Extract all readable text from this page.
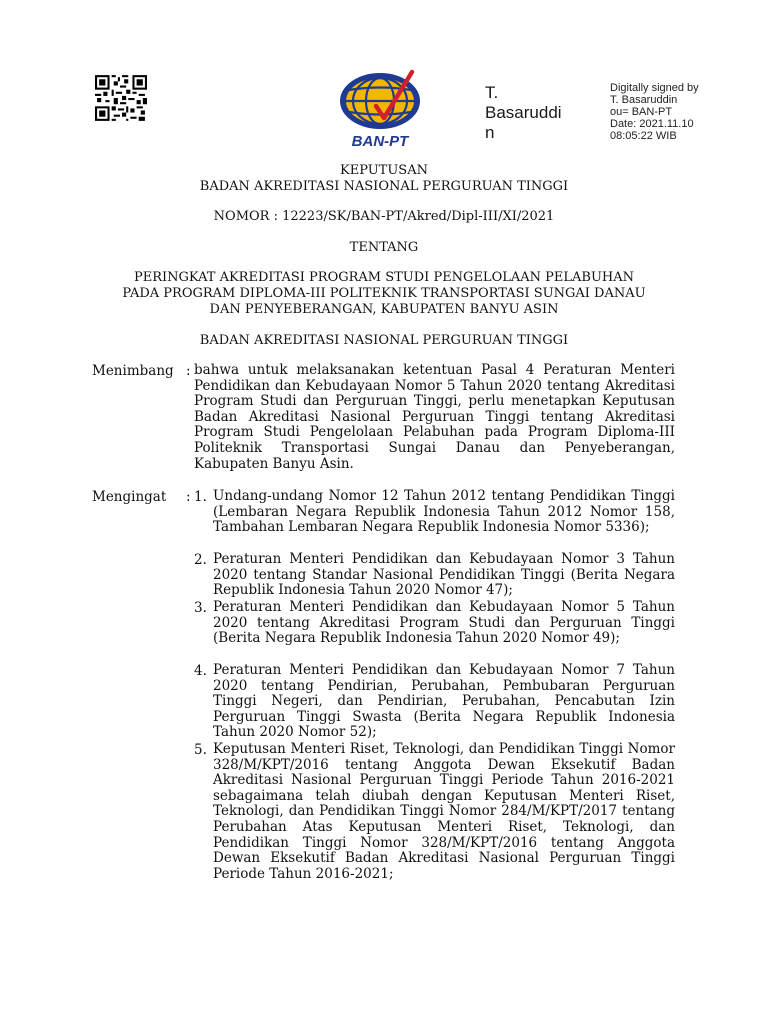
BAN-PT
T.
Basaruddi
n
Digitally signed by
T. Basaruddin
ou= BAN-PT
Date: 2021.11.10
08:05:22 WIB
KEPUTUSAN
BADAN AKREDITASI NASIONAL PERGURUAN TINGGI
NOMOR : 12223/SK/BAN-PT/Akred/Dipl-III/XI/2021
TENTANG
PERINGKAT AKREDITASI PROGRAM STUDI PENGELOLAAN PELABUHAN
PADA PROGRAM DIPLOMA-III POLITEKNIK TRANSPORTASI SUNGAI DANAU
DAN PENYEBERANGAN, KABUPATEN BANYU ASIN
BADAN AKREDITASI NASIONAL PERGURUAN TINGGI
Menimbang : bahwa untuk melaksanakan ketentuan Pasal 4 Peraturan Menteri Pendidikan dan Kebudayaan Nomor 5 Tahun 2020 tentang Akreditasi Program Studi dan Perguruan Tinggi, perlu menetapkan Keputusan Badan Akreditasi Nasional Perguruan Tinggi tentang Akreditasi Program Studi Pengelolaan Pelabuhan pada Program Diploma-III Politeknik Transportasi Sungai Danau dan Penyeberangan, Kabupaten Banyu Asin.
Mengingat : 1. Undang-undang Nomor 12 Tahun 2012 tentang Pendidikan Tinggi (Lembaran Negara Republik Indonesia Tahun 2012 Nomor 158, Tambahan Lembaran Negara Republik Indonesia Nomor 5336);
2. Peraturan Menteri Pendidikan dan Kebudayaan Nomor 3 Tahun 2020 tentang Standar Nasional Pendidikan Tinggi (Berita Negara Republik Indonesia Tahun 2020 Nomor 47);
3. Peraturan Menteri Pendidikan dan Kebudayaan Nomor 5 Tahun 2020 tentang Akreditasi Program Studi dan Perguruan Tinggi (Berita Negara Republik Indonesia Tahun 2020 Nomor 49);
4. Peraturan Menteri Pendidikan dan Kebudayaan Nomor 7 Tahun 2020 tentang Pendirian, Perubahan, Pembubaran Perguruan Tinggi Negeri, dan Pendirian, Perubahan, Pencabutan Izin Perguruan Tinggi Swasta (Berita Negara Republik Indonesia Tahun 2020 Nomor 52);
5. Keputusan Menteri Riset, Teknologi, dan Pendidikan Tinggi Nomor 328/M/KPT/2016 tentang Anggota Dewan Eksekutif Badan Akreditasi Nasional Perguruan Tinggi Periode Tahun 2016-2021 sebagaimana telah diubah dengan Keputusan Menteri Riset, Teknologi, dan Pendidikan Tinggi Nomor 284/M/KPT/2017 tentang Perubahan Atas Keputusan Menteri Riset, Teknologi, dan Pendidikan Tinggi Nomor 328/M/KPT/2016 tentang Anggota Dewan Eksekutif Badan Akreditasi Nasional Perguruan Tinggi Periode Tahun 2016-2021;
